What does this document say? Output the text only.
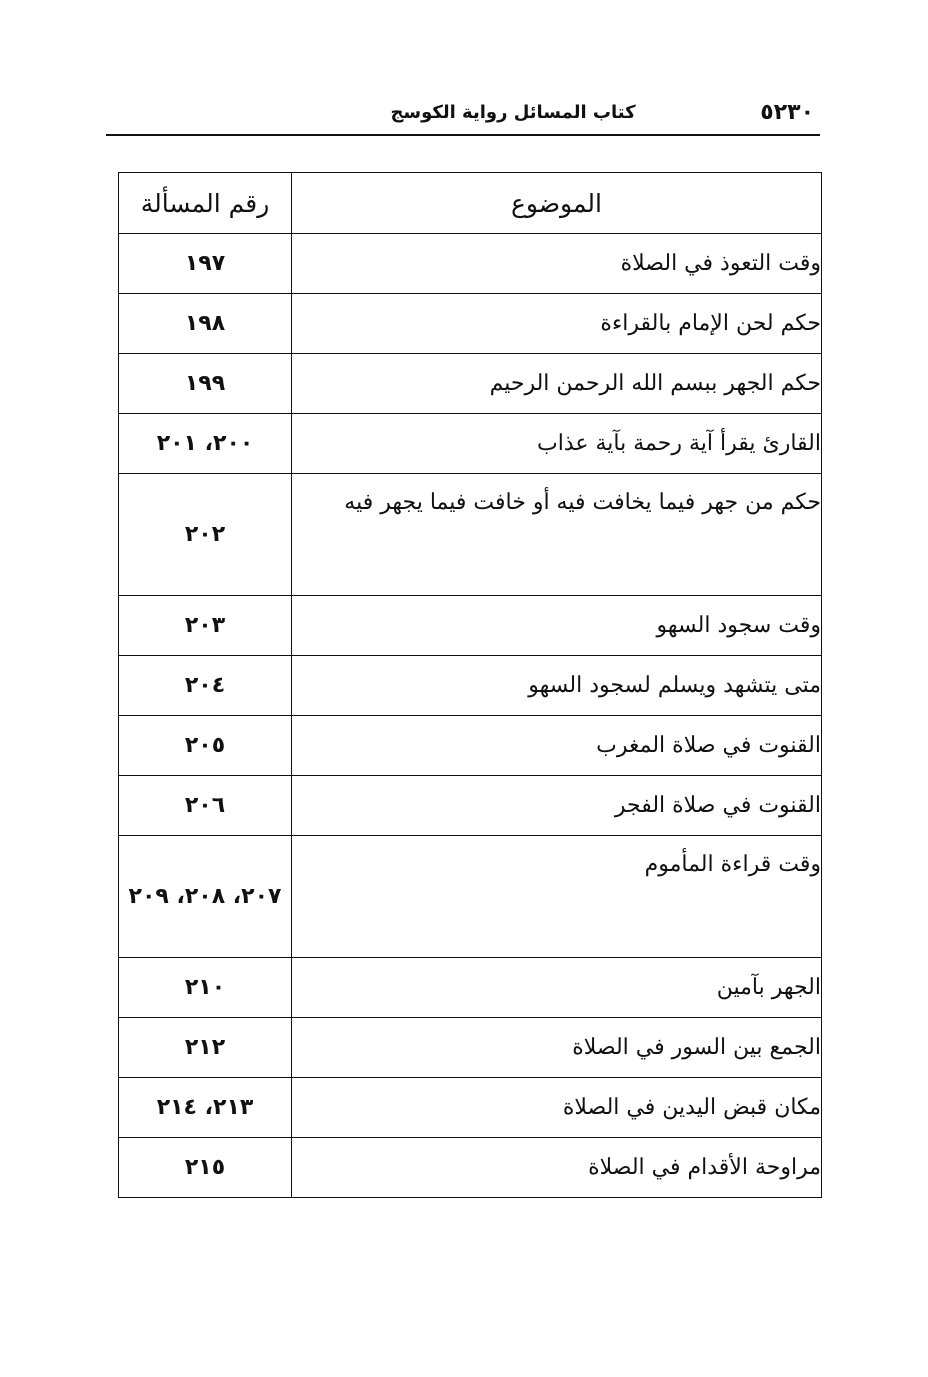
٥٢٣٠
كتاب المسائل رواية الكوسج
الموضوع	رقم المسألة
وقت التعوذ في الصلاة	١٩٧
حكم لحن الإمام بالقراءة	١٩٨
حكم الجهر ببسم الله الرحمن الرحيم	١٩٩
القارئ يقرأ آية رحمة بآية عذاب	٢٠٠، ٢٠١
حكم من جهر فيما يخافت فيه أو خافت فيما يجهر فيه	٢٠٢
وقت سجود السهو	٢٠٣
متى يتشهد ويسلم لسجود السهو	٢٠٤
القنوت في صلاة المغرب	٢٠٥
القنوت في صلاة الفجر	٢٠٦
وقت قراءة المأموم	٢٠٧، ٢٠٨، ٢٠٩
الجهر بآمين	٢١٠
الجمع بين السور في الصلاة	٢١٢
مكان قبض اليدين في الصلاة	٢١٣، ٢١٤
مراوحة الأقدام في الصلاة	٢١٥
